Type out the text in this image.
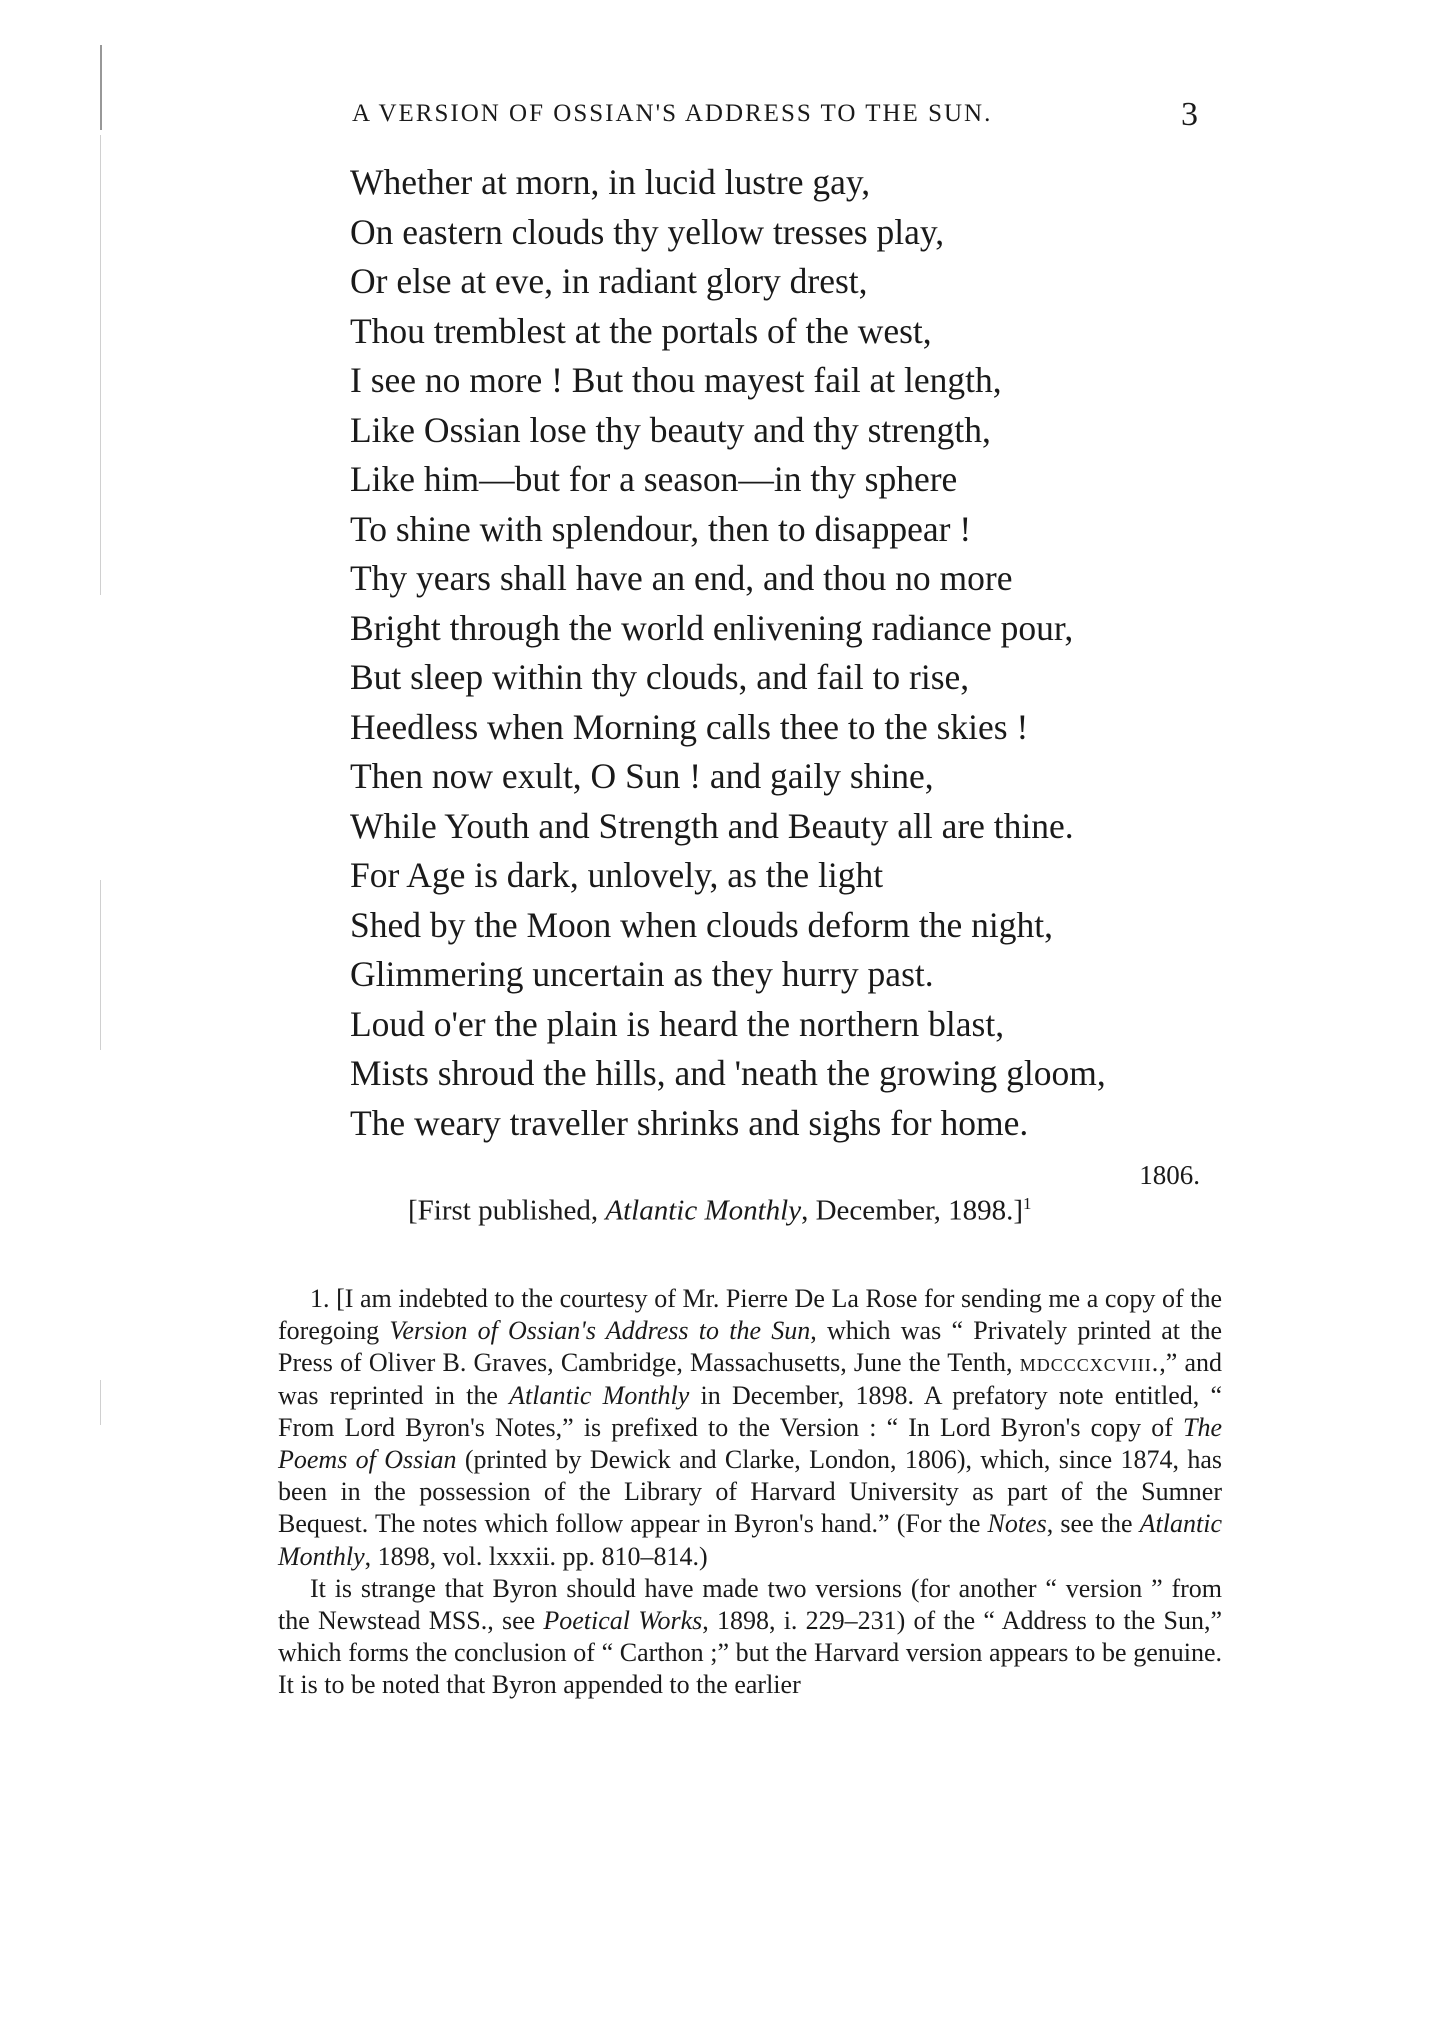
A VERSION OF OSSIAN'S ADDRESS TO THE SUN.	3
Whether at morn, in lucid lustre gay,
On eastern clouds thy yellow tresses play,
Or else at eve, in radiant glory drest,
Thou tremblest at the portals of the west,
I see no more ! But thou mayest fail at length,
Like Ossian lose thy beauty and thy strength,
Like him—but for a season—in thy sphere
To shine with splendour, then to disappear !
Thy years shall have an end, and thou no more
Bright through the world enlivening radiance pour,
But sleep within thy clouds, and fail to rise,
Heedless when Morning calls thee to the skies !
Then now exult, O Sun ! and gaily shine,
While Youth and Strength and Beauty all are thine.
For Age is dark, unlovely, as the light
Shed by the Moon when clouds deform the night,
Glimmering uncertain as they hurry past.
Loud o'er the plain is heard the northern blast,
Mists shroud the hills, and 'neath the growing gloom,
The weary traveller shrinks and sighs for home.
1806.
[First published, Atlantic Monthly, December, 1898.]$^1$

1. [I am indebted to the courtesy of Mr. Pierre De La Rose for sending me a copy of the foregoing Version of Ossian's Address to the Sun, which was “ Privately printed at the Press of Oliver B. Graves, Cambridge, Massachusetts, June the Tenth, mdcccxcviii.,” and was reprinted in the Atlantic Monthly in December, 1898. A prefatory note entitled, “ From Lord Byron's Notes,” is prefixed to the Version : “ In Lord Byron's copy of The Poems of Ossian (printed by Dewick and Clarke, London, 1806), which, since 1874, has been in the possession of the Library of Harvard University as part of the Sumner Bequest. The notes which follow appear in Byron's hand.” (For the Notes, see the Atlantic Monthly, 1898, vol. lxxxii. pp. 810–814.)

It is strange that Byron should have made two versions (for another “ version ” from the Newstead MSS., see Poetical Works, 1898, i. 229–231) of the “ Address to the Sun,” which forms the conclusion of “ Carthon ;” but the Harvard version appears to be genuine. It is to be noted that Byron appended to the earlier
